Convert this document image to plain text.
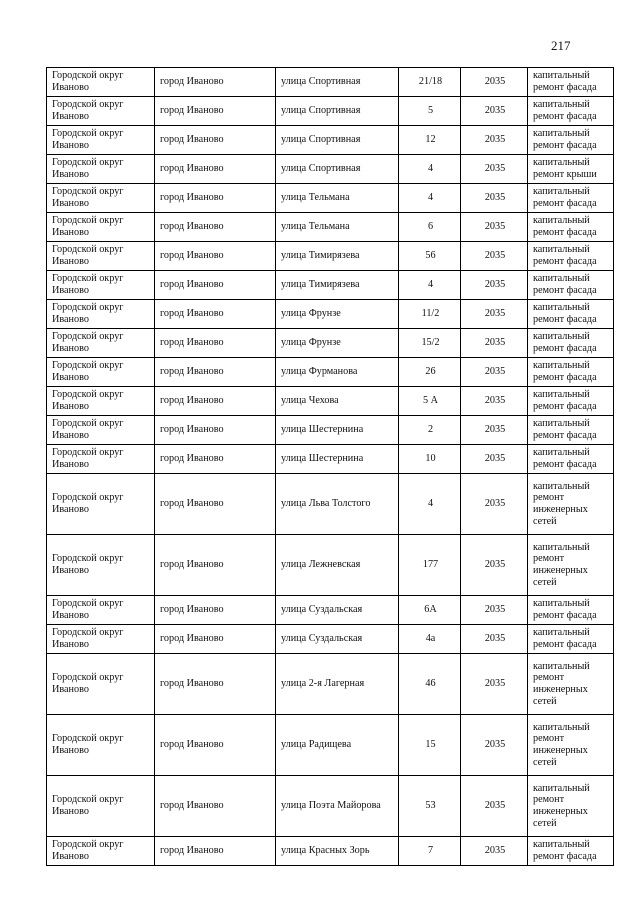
217
Городской округ Иваново	город Иваново	улица Спортивная	21/18	2035	капитальный ремонт фасада
Городской округ Иваново	город Иваново	улица Спортивная	5	2035	капитальный ремонт фасада
Городской округ Иваново	город Иваново	улица Спортивная	12	2035	капитальный ремонт фасада
Городской округ Иваново	город Иваново	улица Спортивная	4	2035	капитальный ремонт крыши
Городской округ Иваново	город Иваново	улица Тельмана	4	2035	капитальный ремонт фасада
Городской округ Иваново	город Иваново	улица Тельмана	6	2035	капитальный ремонт фасада
Городской округ Иваново	город Иваново	улица Тимирязева	56	2035	капитальный ремонт фасада
Городской округ Иваново	город Иваново	улица Тимирязева	4	2035	капитальный ремонт фасада
Городской округ Иваново	город Иваново	улица Фрунзе	11/2	2035	капитальный ремонт фасада
Городской округ Иваново	город Иваново	улица Фрунзе	15/2	2035	капитальный ремонт фасада
Городской округ Иваново	город Иваново	улица Фурманова	26	2035	капитальный ремонт фасада
Городской округ Иваново	город Иваново	улица Чехова	5 А	2035	капитальный ремонт фасада
Городской округ Иваново	город Иваново	улица Шестернина	2	2035	капитальный ремонт фасада
Городской округ Иваново	город Иваново	улица Шестернина	10	2035	капитальный ремонт фасада
Городской округ Иваново	город Иваново	улица Льва Толстого	4	2035	капитальный ремонт инженерных сетей
Городской округ Иваново	город Иваново	улица Лежневская	177	2035	капитальный ремонт инженерных сетей
Городской округ Иваново	город Иваново	улица Суздальская	6А	2035	капитальный ремонт фасада
Городской округ Иваново	город Иваново	улица Суздальская	4а	2035	капитальный ремонт фасада
Городской округ Иваново	город Иваново	улица 2-я Лагерная	46	2035	капитальный ремонт инженерных сетей
Городской округ Иваново	город Иваново	улица Радищева	15	2035	капитальный ремонт инженерных сетей
Городской округ Иваново	город Иваново	улица Поэта Майорова	53	2035	капитальный ремонт инженерных сетей
Городской округ Иваново	город Иваново	улица Красных Зорь	7	2035	капитальный ремонт фасада
